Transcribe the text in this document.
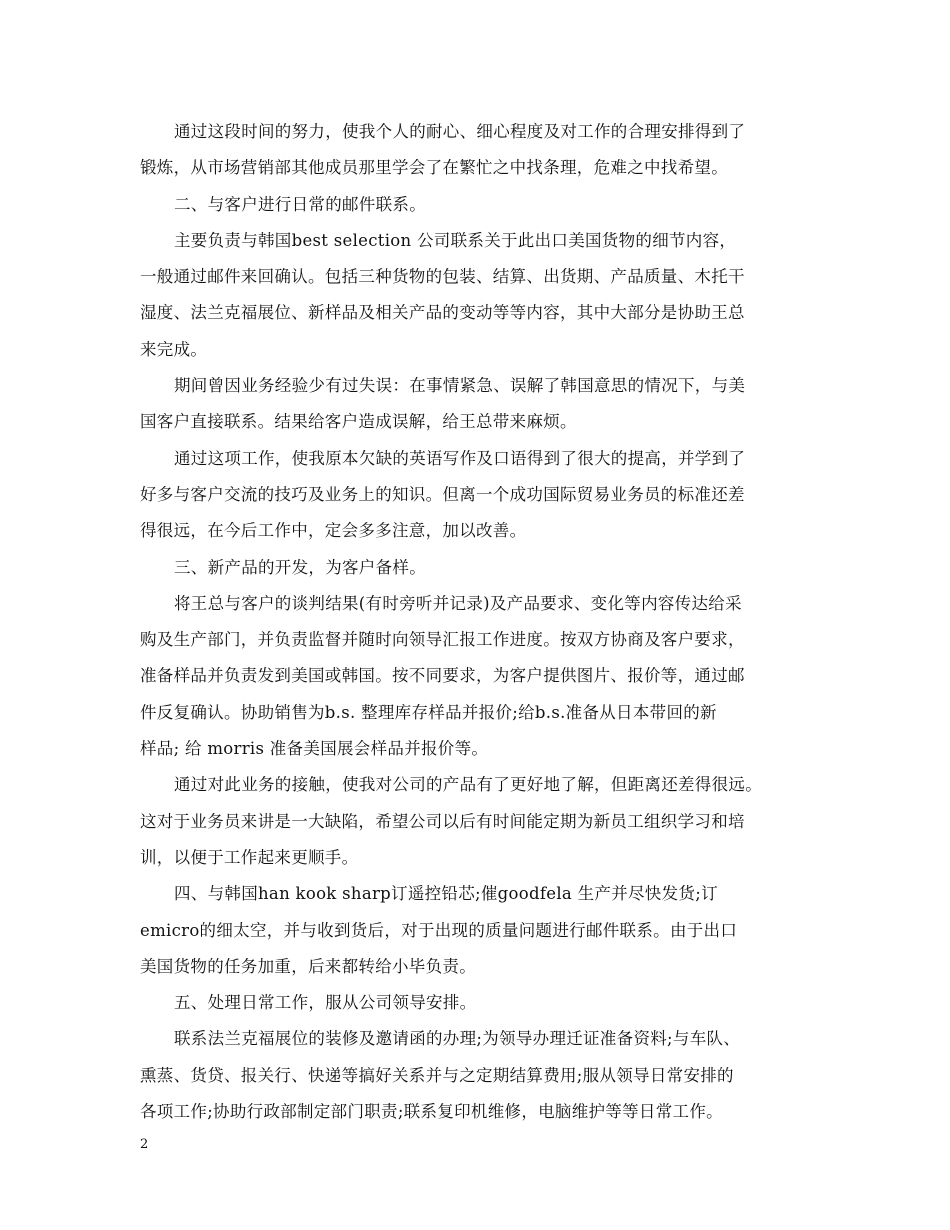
通过这段时间的努力，使我个人的耐心、细心程度及对工作的合理安排得到了
锻炼，从市场营销部其他成员那里学会了在繁忙之中找条理，危难之中找希望。
二、与客户进行日常的邮件联系。
主要负责与韩国best selection 公司联系关于此出口美国货物的细节内容，
一般通过邮件来回确认。包括三种货物的包装、结算、出货期、产品质量、木托干
湿度、法兰克福展位、新样品及相关产品的变动等等内容，其中大部分是协助王总
来完成。
期间曾因业务经验少有过失误：在事情紧急、误解了韩国意思的情况下，与美
国客户直接联系。结果给客户造成误解，给王总带来麻烦。
通过这项工作，使我原本欠缺的英语写作及口语得到了很大的提高，并学到了
好多与客户交流的技巧及业务上的知识。但离一个成功国际贸易业务员的标准还差
得很远，在今后工作中，定会多多注意，加以改善。
三、新产品的开发，为客户备样。
将王总与客户的谈判结果(有时旁听并记录)及产品要求、变化等内容传达给采
购及生产部门，并负责监督并随时向领导汇报工作进度。按双方协商及客户要求，
准备样品并负责发到美国或韩国。按不同要求，为客户提供图片、报价等，通过邮
件反复确认。协助销售为b.s. 整理库存样品并报价;给b.s.准备从日本带回的新
样品; 给 morris 准备美国展会样品并报价等。
通过对此业务的接触，使我对公司的产品有了更好地了解，但距离还差得很远。
这对于业务员来讲是一大缺陷，希望公司以后有时间能定期为新员工组织学习和培
训，以便于工作起来更顺手。
四、与韩国han kook sharp订遥控铅芯;催goodfela 生产并尽快发货;订
emicro的细太空，并与收到货后，对于出现的质量问题进行邮件联系。由于出口
美国货物的任务加重，后来都转给小毕负责。
五、处理日常工作，服从公司领导安排。
联系法兰克福展位的装修及邀请函的办理;为领导办理迁证准备资料;与车队、
熏蒸、货贷、报关行、快递等搞好关系并与之定期结算费用;服从领导日常安排的
各项工作;协助行政部制定部门职责;联系复印机维修，电脑维护等等日常工作。
2
